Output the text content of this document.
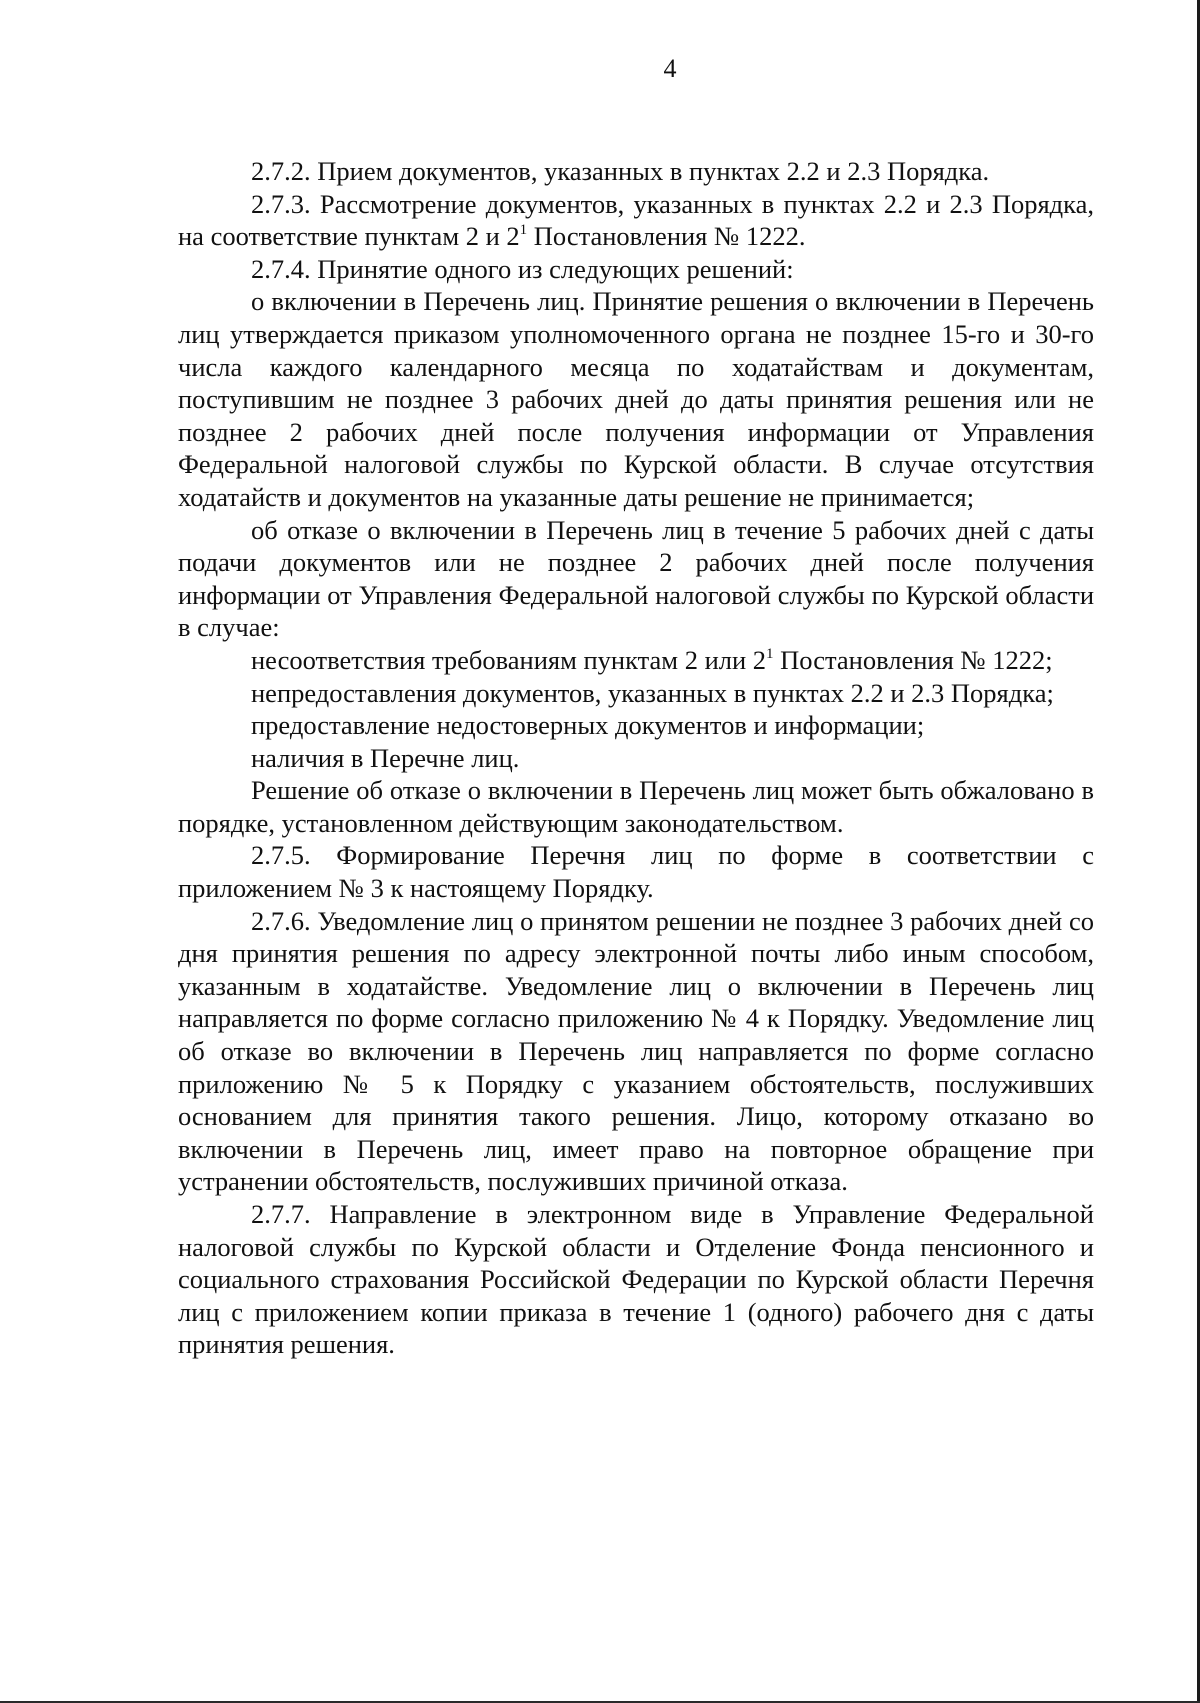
4

2.7.2. Прием документов, указанных в пунктах 2.2 и 2.3 Порядка.

2.7.3. Рассмотрение документов, указанных в пунктах 2.2 и 2.3 Порядка, на соответствие пунктам 2 и $2^1$ Постановления № 1222.

2.7.4. Принятие одного из следующих решений:

о включении в Перечень лиц. Принятие решения о включении в Перечень лиц утверждается приказом уполномоченного органа не позднее 15-го и 30-го числа каждого календарного месяца по ходатайствам и документам, поступившим не позднее 3 рабочих дней до даты принятия решения или не позднее 2 рабочих дней после получения информации от Управления Федеральной налоговой службы по Курской области. В случае отсутствия ходатайств и документов на указанные даты решение не принимается;

об отказе о включении в Перечень лиц в течение 5 рабочих дней с даты подачи документов или не позднее 2 рабочих дней после получения информации от Управления Федеральной налоговой службы по Курской области в случае:

несоответствия требованиям пунктам 2 или $2^1$ Постановления № 1222;

непредоставления документов, указанных в пунктах 2.2 и 2.3 Порядка;

предоставление недостоверных документов и информации;

наличия в Перечне лиц.

Решение об отказе о включении в Перечень лиц может быть обжаловано в порядке, установленном действующим законодательством.

2.7.5. Формирование Перечня лиц по форме в соответствии с приложением № 3 к настоящему Порядку.

2.7.6. Уведомление лиц о принятом решении не позднее 3 рабочих дней со дня принятия решения по адресу электронной почты либо иным способом, указанным в ходатайстве. Уведомление лиц о включении в Перечень лиц направляется по форме согласно приложению № 4 к Порядку. Уведомление лиц об отказе во включении в Перечень лиц направляется по форме согласно приложению № 5 к Порядку с указанием обстоятельств, послуживших основанием для принятия такого решения. Лицо, которому отказано во включении в Перечень лиц, имеет право на повторное обращение при устранении обстоятельств, послуживших причиной отказа.

2.7.7. Направление в электронном виде в Управление Федеральной налоговой службы по Курской области и Отделение Фонда пенсионного и социального страхования Российской Федерации по Курской области Перечня лиц с приложением копии приказа в течение 1 (одного) рабочего дня с даты принятия решения.
